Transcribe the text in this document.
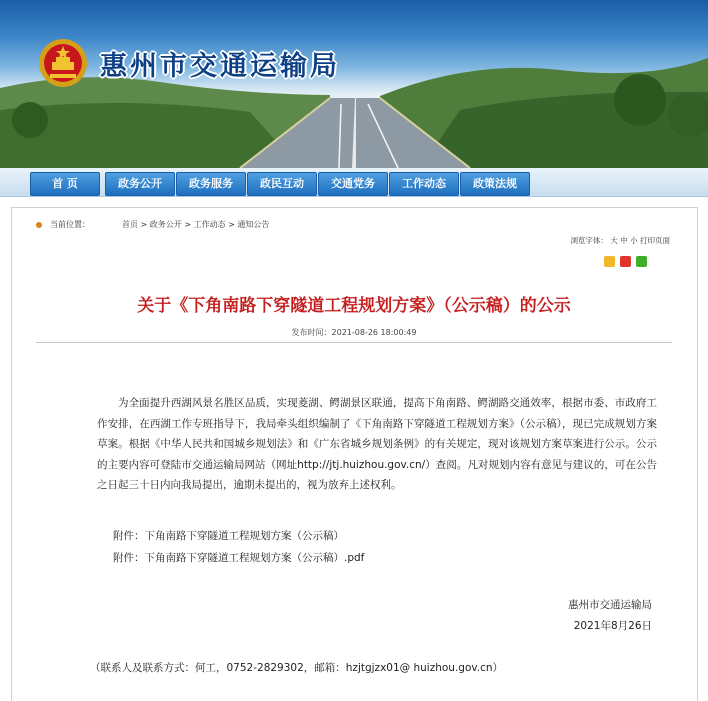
惠州市交通运输局
首 页	政务公开	政务服务	政民互动	交通党务	工作动态	政策法规
当前位置：	首页 > 政务公开 > 工作动态 > 通知公告
浏览字体： 大 中 小 打印页面
关于《下角南路下穿隧道工程规划方案》（公示稿）的公示
发布时间：2021-08-26 18:00:49
为全面提升西湖风景名胜区品质，实现菱湖、鳄湖景区联通，提高下角南路、鳄湖路交通效率，根据市委、市政府工作安排，在西湖工作专班指导下，我局牵头组织编制了《下角南路下穿隧道工程规划方案》（公示稿），现已完成规划方案草案。根据《中华人民共和国城乡规划法》和《广东省城乡规划条例》的有关规定，现对该规划方案草案进行公示。公示的主要内容可登陆市交通运输局网站（网址http://jtj.huizhou.gov.cn/）查阅。凡对规划内容有意见与建议的，可在公告之日起三十日内向我局提出，逾期未提出的，视为放弃上述权利。
附件：下角南路下穿隧道工程规划方案（公示稿）
附件：下角南路下穿隧道工程规划方案（公示稿）.pdf
惠州市交通运输局
2021年8月26日
（联系人及联系方式：何工，0752-2829302，邮箱：hzjtgjzx01@ huizhou.gov.cn）
